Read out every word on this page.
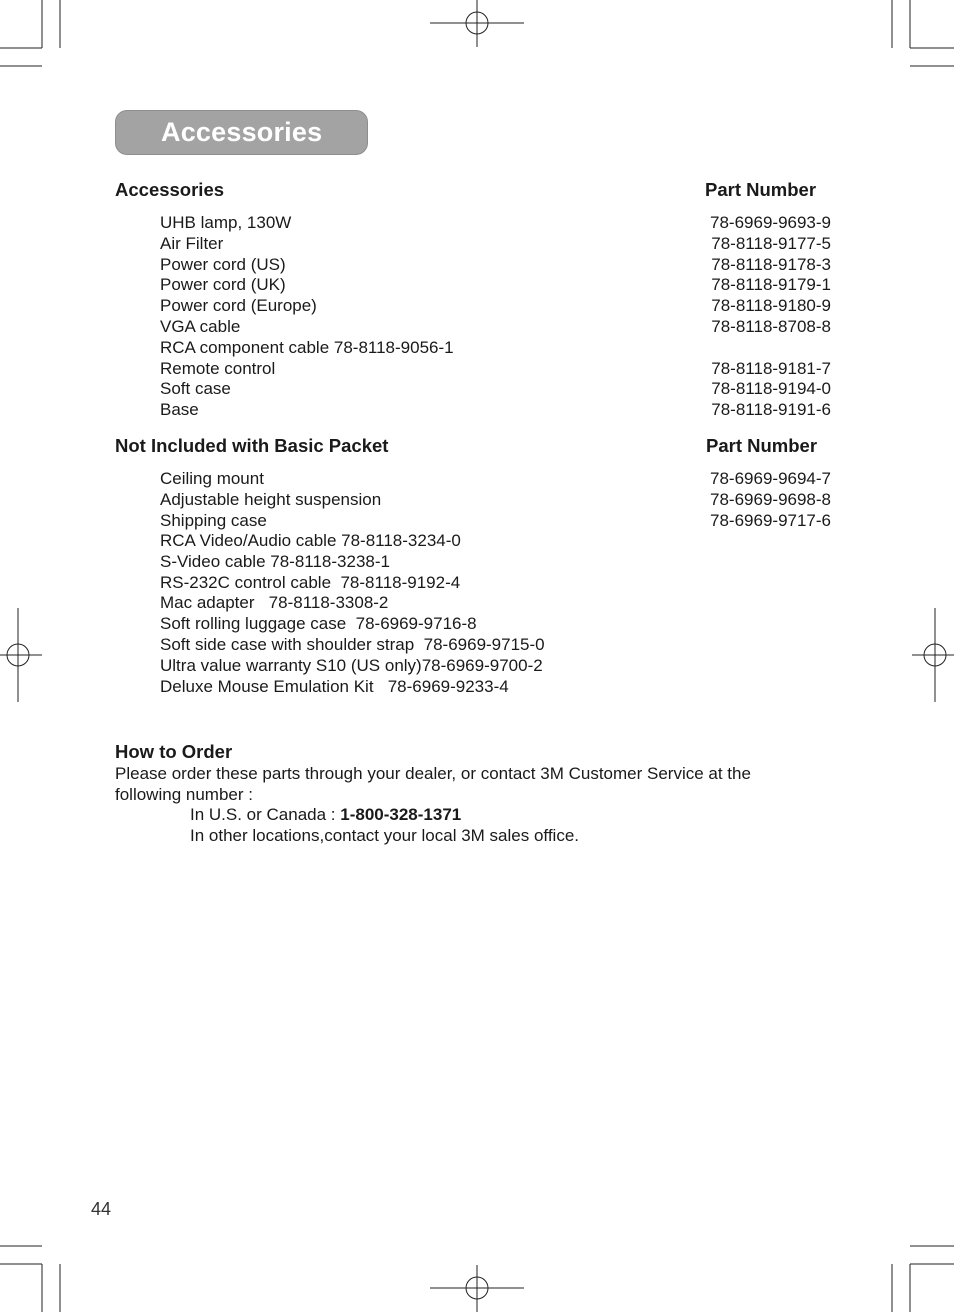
Accessories
Accessories	Part Number
UHB lamp, 130W	78-6969-9693-9
Air Filter	78-8118-9177-5
Power cord (US)	78-8118-9178-3
Power cord (UK)	78-8118-9179-1
Power cord (Europe)	78-8118-9180-9
VGA cable	78-8118-8708-8
RCA component cable 78-8118-9056-1
Remote control	78-8118-9181-7
Soft case	78-8118-9194-0
Base	78-8118-9191-6
Not Included with Basic Packet	Part Number
Ceiling mount	78-6969-9694-7
Adjustable height suspension	78-6969-9698-8
Shipping case	78-6969-9717-6
RCA Video/Audio cable 78-8118-3234-0
S-Video cable 78-8118-3238-1
RS-232C control cable  78-8118-9192-4
Mac adapter   78-8118-3308-2
Soft rolling luggage case  78-6969-9716-8
Soft side case with shoulder strap  78-6969-9715-0
Ultra value warranty S10 (US only)78-6969-9700-2
Deluxe Mouse Emulation Kit   78-6969-9233-4
How to Order

Please order these parts through your dealer, or contact 3M Customer Service at the following number :

In U.S. or Canada : 1-800-328-1371
In other locations,contact your local 3M sales office.
44
